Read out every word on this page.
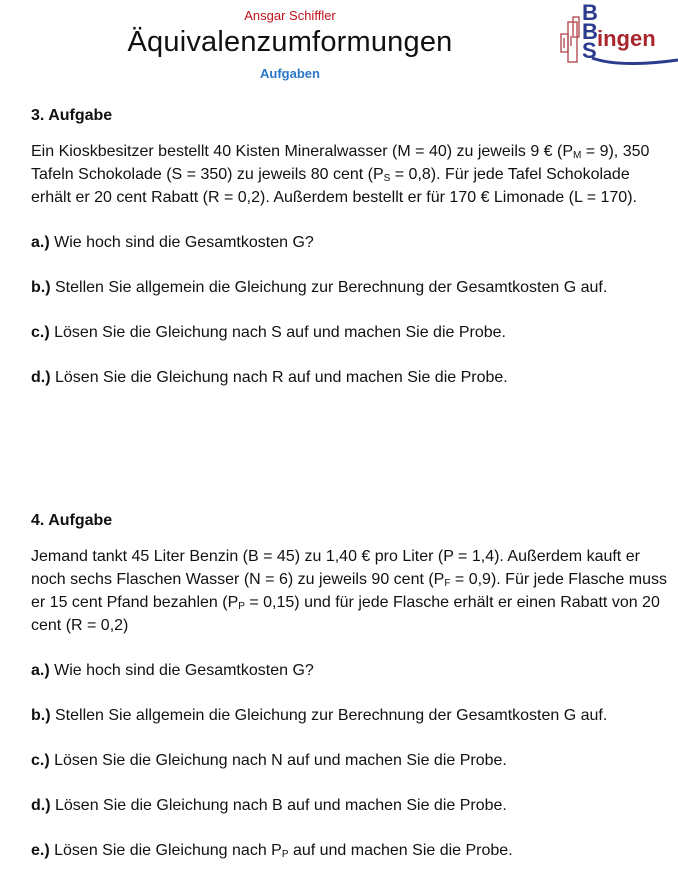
Ansgar Schiffler
Äquivalenzumformungen
Aufgaben
B
B
S ingen
3. Aufgabe

Ein Kioskbesitzer bestellt 40 Kisten Mineralwasser (M = 40) zu jeweils 9 € $(P_M = 9)$, 350 Tafeln Schokolade (S = 350) zu jeweils 80 cent $(P_S = 0,8)$. Für jede Tafel Schokolade erhält er 20 cent Rabatt (R = 0,2). Außerdem bestellt er für 170 € Limonade (L = 170).

a.) Wie hoch sind die Gesamtkosten G?

b.) Stellen Sie allgemein die Gleichung zur Berechnung der Gesamtkosten G auf.

c.) Lösen Sie die Gleichung nach S auf und machen Sie die Probe.

d.) Lösen Sie die Gleichung nach R auf und machen Sie die Probe.

4. Aufgabe

Jemand tankt 45 Liter Benzin (B = 45) zu 1,40 € pro Liter (P = 1,4). Außerdem kauft er noch sechs Flaschen Wasser (N = 6) zu jeweils 90 cent $(P_F = 0,9)$. Für jede Flasche muss er 15 cent Pfand bezahlen $(P_P = 0,15)$ und für jede Flasche erhält er einen Rabatt von 20 cent (R = 0,2)

a.) Wie hoch sind die Gesamtkosten G?

b.) Stellen Sie allgemein die Gleichung zur Berechnung der Gesamtkosten G auf.

c.) Lösen Sie die Gleichung nach N auf und machen Sie die Probe.

d.) Lösen Sie die Gleichung nach B auf und machen Sie die Probe.

e.) Lösen Sie die Gleichung nach $P_P$ auf und machen Sie die Probe.
